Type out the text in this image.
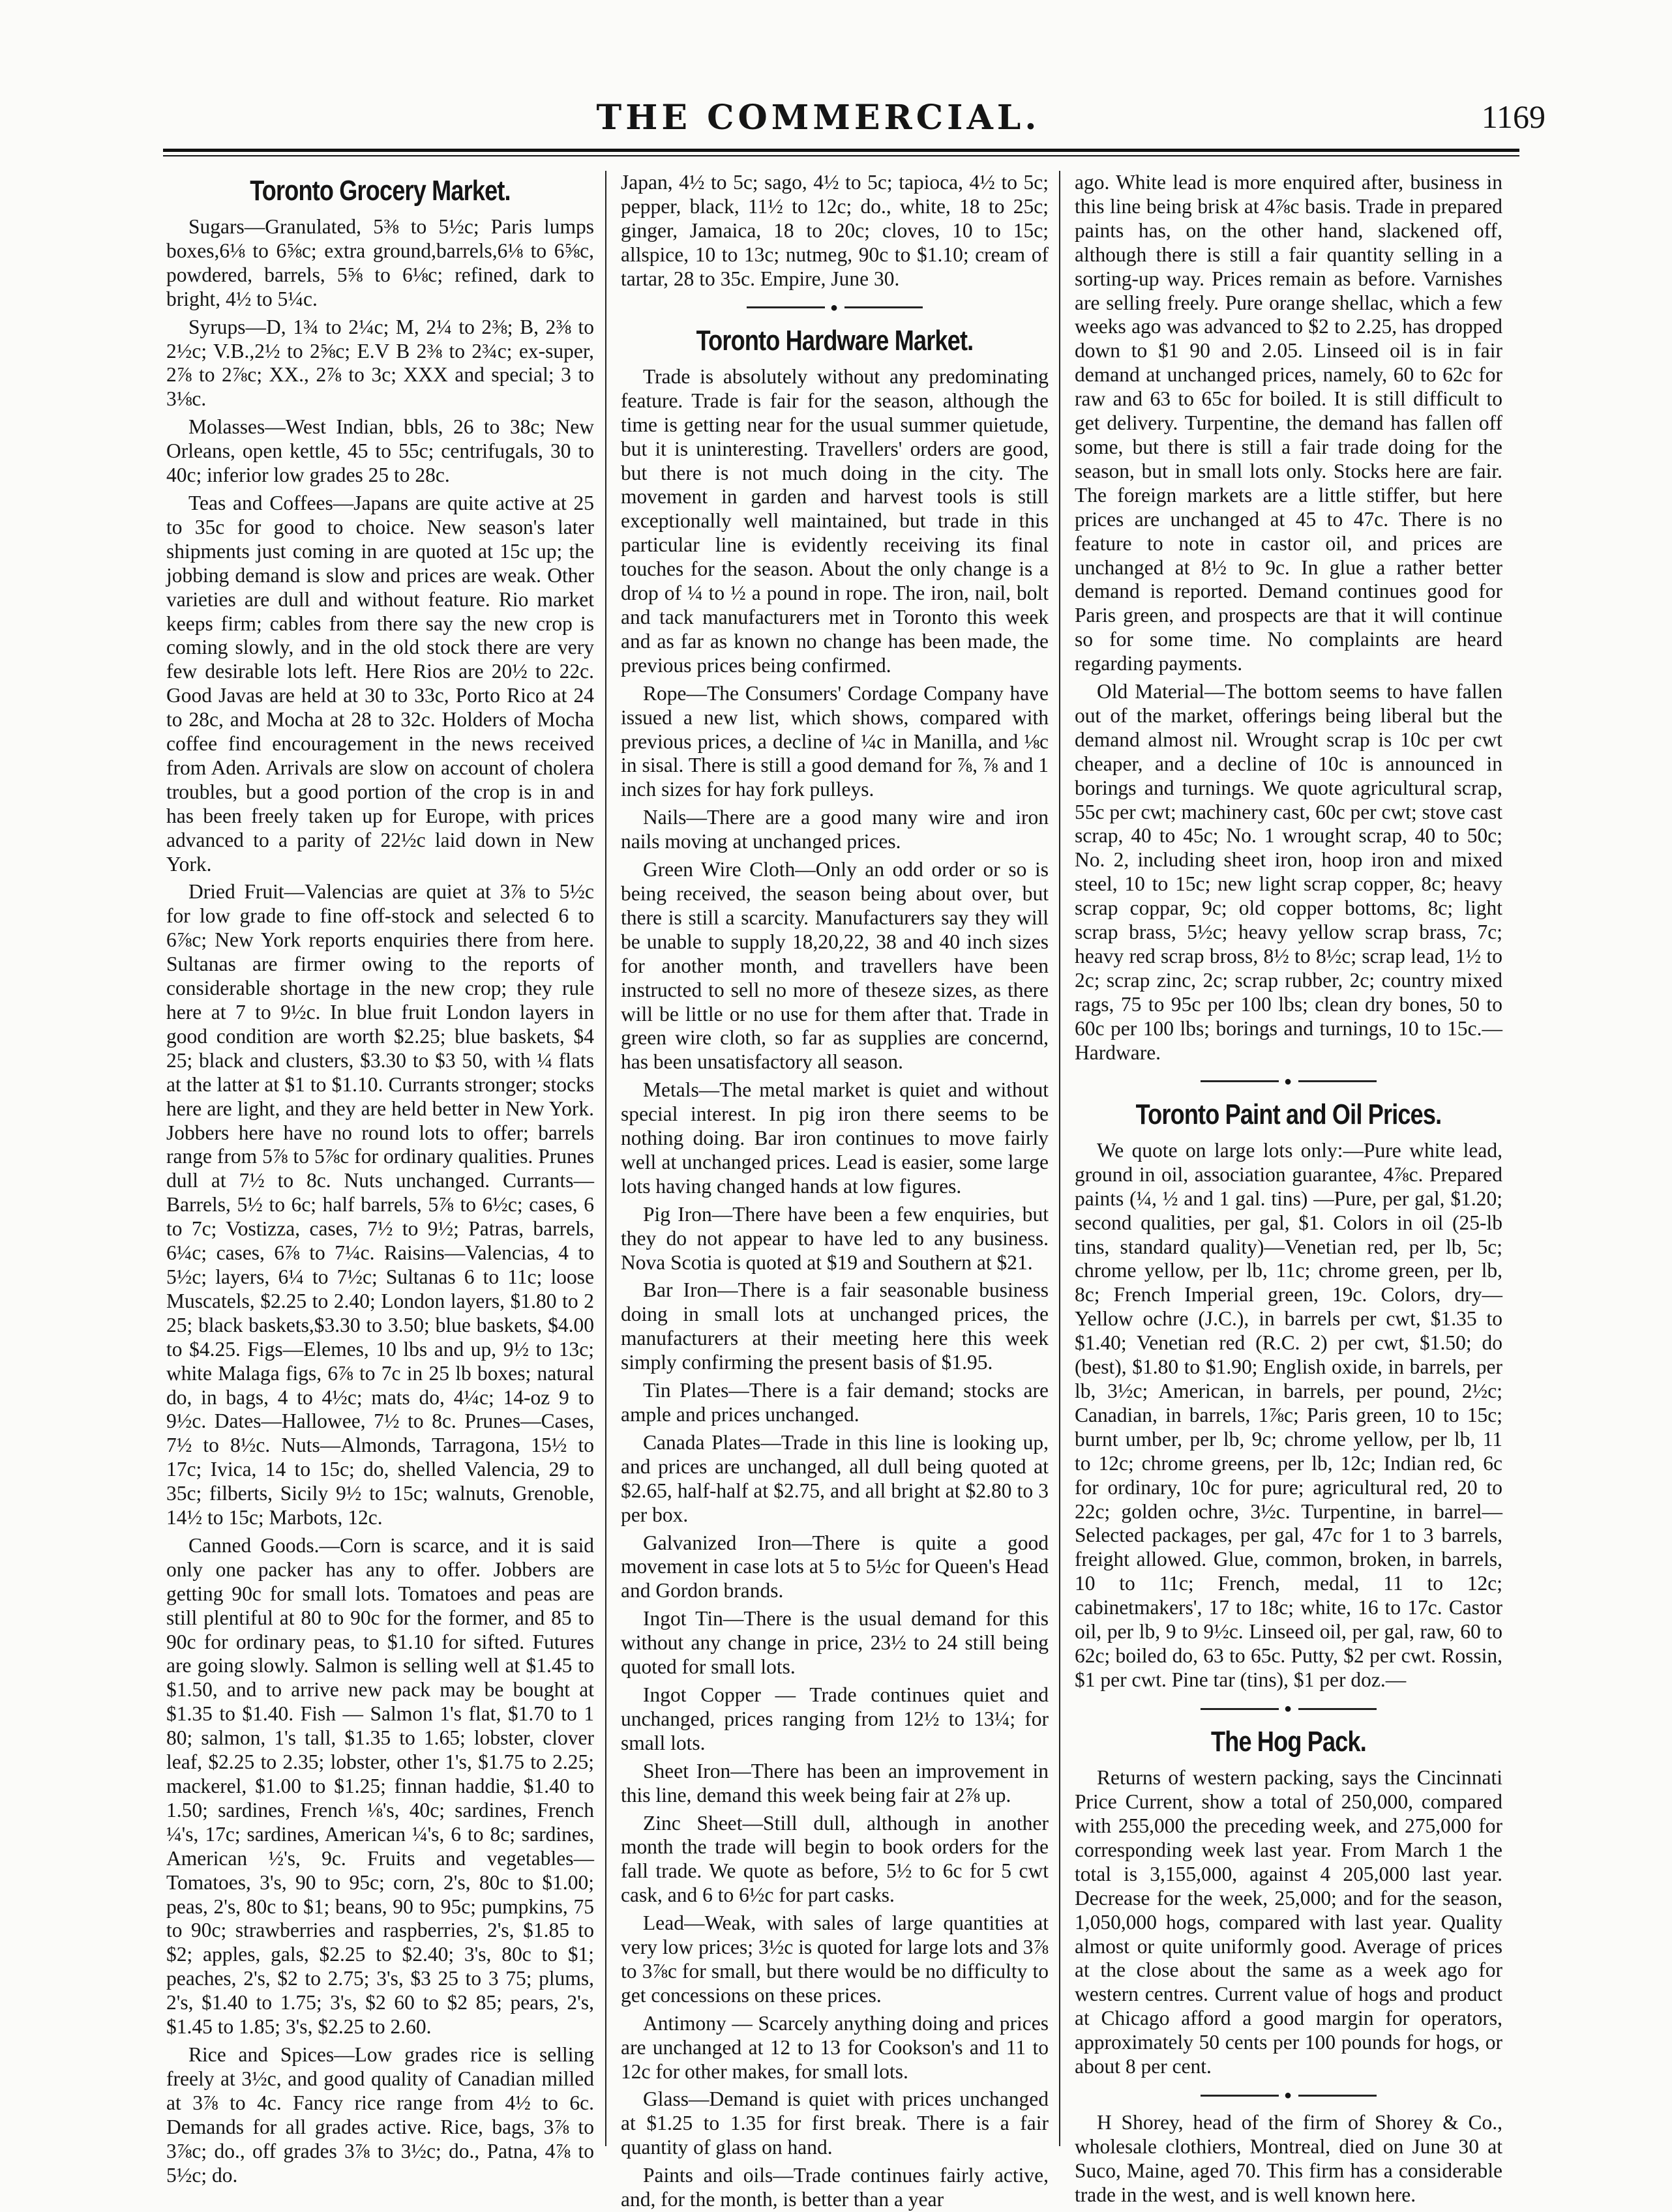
THE COMMERCIAL.	1169
Toronto Grocery Market.

Sugars—Granulated, 5⅜ to 5½c; Paris lumps boxes,6⅛ to 6⅝c; extra ground,barrels,6⅛ to 6⅝c, powdered, barrels, 5⅝ to 6⅛c; refined, dark to bright, 4½ to 5¼c.

Syrups—D, 1¾ to 2¼c; M, 2¼ to 2⅜; B, 2⅜ to 2½c; V.B.,2½ to 2⅝c; E.V B 2⅜ to 2¾c; ex-super, 2⅞ to 2⅞c; XX., 2⅞ to 3c; XXX and special; 3 to 3⅛c.

Molasses—West Indian, bbls, 26 to 38c; New Orleans, open kettle, 45 to 55c; centrifugals, 30 to 40c; inferior low grades 25 to 28c.

Teas and Coffees—Japans are quite active at 25 to 35c for good to choice. New season's later shipments just coming in are quoted at 15c up; the jobbing demand is slow and prices are weak. Other varieties are dull and without feature. Rio market keeps firm; cables from there say the new crop is coming slowly, and in the old stock there are very few desirable lots left. Here Rios are 20½ to 22c. Good Javas are held at 30 to 33c, Porto Rico at 24 to 28c, and Mocha at 28 to 32c. Holders of Mocha coffee find encouragement in the news received from Aden. Arrivals are slow on account of cholera troubles, but a good portion of the crop is in and has been freely taken up for Europe, with prices advanced to a parity of 22½c laid down in New York.

Dried Fruit—Valencias are quiet at 3⅞ to 5½c for low grade to fine off-stock and selected 6 to 6⅞c; New York reports enquiries there from here. Sultanas are firmer owing to the reports of considerable shortage in the new crop; they rule here at 7 to 9½c. In blue fruit London layers in good condition are worth $2.25; blue baskets, $4 25; black and clusters, $3.30 to $3 50, with ¼ flats at the latter at $1 to $1.10. Currants stronger; stocks here are light, and they are held better in New York. Jobbers here have no round lots to offer; barrels range from 5⅞ to 5⅞c for ordinary qualities. Prunes dull at 7½ to 8c. Nuts unchanged. Currants—Barrels, 5½ to 6c; half barrels, 5⅞ to 6½c; cases, 6 to 7c; Vostizza, cases, 7½ to 9½; Patras, barrels, 6¼c; cases, 6⅞ to 7¼c. Raisins—Valencias, 4 to 5½c; layers, 6¼ to 7½c; Sultanas 6 to 11c; loose Muscatels, $2.25 to 2.40; London layers, $1.80 to 2 25; black baskets,$3.30 to 3.50; blue baskets, $4.00 to $4.25. Figs—Elemes, 10 lbs and up, 9½ to 13c; white Malaga figs, 6⅞ to 7c in 25 lb boxes; natural do, in bags, 4 to 4½c; mats do, 4¼c; 14-oz 9 to 9½c. Dates—Hallowee, 7½ to 8c. Prunes—Cases, 7½ to 8½c. Nuts—Almonds, Tarragona, 15½ to 17c; Ivica, 14 to 15c; do, shelled Valencia, 29 to 35c; filberts, Sicily 9½ to 15c; walnuts, Grenoble, 14½ to 15c; Marbots, 12c.

Canned Goods.—Corn is scarce, and it is said only one packer has any to offer. Jobbers are getting 90c for small lots. Tomatoes and peas are still plentiful at 80 to 90c for the former, and 85 to 90c for ordinary peas, to $1.10 for sifted. Futures are going slowly. Salmon is selling well at $1.45 to $1.50, and to arrive new pack may be bought at $1.35 to $1.40. Fish — Salmon 1's flat, $1.70 to 1 80; salmon, 1's tall, $1.35 to 1.65; lobster, clover leaf, $2.25 to 2.35; lobster, other 1's, $1.75 to 2.25; mackerel, $1.00 to $1.25; finnan haddie, $1.40 to 1.50; sardines, French ⅛'s, 40c; sardines, French ¼'s, 17c; sardines, American ¼'s, 6 to 8c; sardines, American ½'s, 9c. Fruits and vegetables—Tomatoes, 3's, 90 to 95c; corn, 2's, 80c to $1.00; peas, 2's, 80c to $1; beans, 90 to 95c; pumpkins, 75 to 90c; strawberries and raspberries, 2's, $1.85 to $2; apples, gals, $2.25 to $2.40; 3's, 80c to $1; peaches, 2's, $2 to 2.75; 3's, $3 25 to 3 75; plums, 2's, $1.40 to 1.75; 3's, $2 60 to $2 85; pears, 2's, $1.45 to 1.85; 3's, $2.25 to 2.60.

Rice and Spices—Low grades rice is selling freely at 3½c, and good quality of Canadian milled at 3⅞ to 4c. Fancy rice range from 4½ to 6c. Demands for all grades active. Rice, bags, 3⅞ to 3⅞c; do., off grades 3⅞ to 3½c; do., Patna, 4⅞ to 5½c; do.

Japan, 4½ to 5c; sago, 4½ to 5c; tapioca, 4½ to 5c; pepper, black, 11½ to 12c; do., white, 18 to 25c; ginger, Jamaica, 18 to 20c; cloves, 10 to 15c; allspice, 10 to 13c; nutmeg, 90c to $1.10; cream of tartar, 28 to 35c. Empire, June 30.

●
Toronto Hardware Market.

Trade is absolutely without any predominating feature. Trade is fair for the season, although the time is getting near for the usual summer quietude, but it is uninteresting. Travellers' orders are good, but there is not much doing in the city. The movement in garden and harvest tools is still exceptionally well maintained, but trade in this particular line is evidently receiving its final touches for the season. About the only change is a drop of ¼ to ½ a pound in rope. The iron, nail, bolt and tack manufacturers met in Toronto this week and as far as known no change has been made, the previous prices being confirmed.

Rope—The Consumers' Cordage Company have issued a new list, which shows, compared with previous prices, a decline of ¼c in Manilla, and ⅛c in sisal. There is still a good demand for ⅞, ⅞ and 1 inch sizes for hay fork pulleys.

Nails—There are a good many wire and iron nails moving at unchanged prices.

Green Wire Cloth—Only an odd order or so is being received, the season being about over, but there is still a scarcity. Manufacturers say they will be unable to supply 18,20,22, 38 and 40 inch sizes for another month, and travellers have been instructed to sell no more of theseze sizes, as there will be little or no use for them after that. Trade in green wire cloth, so far as supplies are concernd, has been unsatisfactory all season.

Metals—The metal market is quiet and without special interest. In pig iron there seems to be nothing doing. Bar iron continues to move fairly well at unchanged prices. Lead is easier, some large lots having changed hands at low figures.

Pig Iron—There have been a few enquiries, but they do not appear to have led to any business. Nova Scotia is quoted at $19 and Southern at $21.

Bar Iron—There is a fair seasonable business doing in small lots at unchanged prices, the manufacturers at their meeting here this week simply confirming the present basis of $1.95.

Tin Plates—There is a fair demand; stocks are ample and prices unchanged.

Canada Plates—Trade in this line is looking up, and prices are unchanged, all dull being quoted at $2.65, half-half at $2.75, and all bright at $2.80 to 3 per box.

Galvanized Iron—There is quite a good movement in case lots at 5 to 5½c for Queen's Head and Gordon brands.

Ingot Tin—There is the usual demand for this without any change in price, 23½ to 24 still being quoted for small lots.

Ingot Copper — Trade continues quiet and unchanged, prices ranging from 12½ to 13¼; for small lots.

Sheet Iron—There has been an improvement in this line, demand this week being fair at 2⅞ up.

Zinc Sheet—Still dull, although in another month the trade will begin to book orders for the fall trade. We quote as before, 5½ to 6c for 5 cwt cask, and 6 to 6½c for part casks.

Lead—Weak, with sales of large quantities at very low prices; 3½c is quoted for large lots and 3⅞ to 3⅞c for small, but there would be no difficulty to get concessions on these prices.

Antimony — Scarcely anything doing and prices are unchanged at 12 to 13 for Cookson's and 11 to 12c for other makes, for small lots.

Glass—Demand is quiet with prices unchanged at $1.25 to 1.35 for first break. There is a fair quantity of glass on hand.

Paints and oils—Trade continues fairly active, and, for the month, is better than a year

ago. White lead is more enquired after, business in this line being brisk at 4⅞c basis. Trade in prepared paints has, on the other hand, slackened off, although there is still a fair quantity selling in a sorting-up way. Prices remain as before. Varnishes are selling freely. Pure orange shellac, which a few weeks ago was advanced to $2 to 2.25, has dropped down to $1 90 and 2.05. Linseed oil is in fair demand at unchanged prices, namely, 60 to 62c for raw and 63 to 65c for boiled. It is still difficult to get delivery. Turpentine, the demand has fallen off some, but there is still a fair trade doing for the season, but in small lots only. Stocks here are fair. The foreign markets are a little stiffer, but here prices are unchanged at 45 to 47c. There is no feature to note in castor oil, and prices are unchanged at 8½ to 9c. In glue a rather better demand is reported. Demand continues good for Paris green, and prospects are that it will continue so for some time. No complaints are heard regarding payments.

Old Material—The bottom seems to have fallen out of the market, offerings being liberal but the demand almost nil. Wrought scrap is 10c per cwt cheaper, and a decline of 10c is announced in borings and turnings. We quote agricultural scrap, 55c per cwt; machinery cast, 60c per cwt; stove cast scrap, 40 to 45c; No. 1 wrought scrap, 40 to 50c; No. 2, including sheet iron, hoop iron and mixed steel, 10 to 15c; new light scrap copper, 8c; heavy scrap coppar, 9c; old copper bottoms, 8c; light scrap brass, 5½c; heavy yellow scrap brass, 7c; heavy red scrap bross, 8½ to 8½c; scrap lead, 1½ to 2c; scrap zinc, 2c; scrap rubber, 2c; country mixed rags, 75 to 95c per 100 lbs; clean dry bones, 50 to 60c per 100 lbs; borings and turnings, 10 to 15c.—Hardware.

●
Toronto Paint and Oil Prices.

We quote on large lots only:—Pure white lead, ground in oil, association guarantee, 4⅞c. Prepared paints (¼, ½ and 1 gal. tins) —Pure, per gal, $1.20; second qualities, per gal, $1. Colors in oil (25-lb tins, standard quality)—Venetian red, per lb, 5c; chrome yellow, per lb, 11c; chrome green, per lb, 8c; French Imperial green, 19c. Colors, dry—Yellow ochre (J.C.), in barrels per cwt, $1.35 to $1.40; Venetian red (R.C. 2) per cwt, $1.50; do (best), $1.80 to $1.90; English oxide, in barrels, per lb, 3½c; American, in barrels, per pound, 2½c; Canadian, in barrels, 1⅞c; Paris green, 10 to 15c; burnt umber, per lb, 9c; chrome yellow, per lb, 11 to 12c; chrome greens, per lb, 12c; Indian red, 6c for ordinary, 10c for pure; agricultural red, 20 to 22c; golden ochre, 3½c. Turpentine, in barrel—Selected packages, per gal, 47c for 1 to 3 barrels, freight allowed. Glue, common, broken, in barrels, 10 to 11c; French, medal, 11 to 12c; cabinetmakers', 17 to 18c; white, 16 to 17c. Castor oil, per lb, 9 to 9½c. Linseed oil, per gal, raw, 60 to 62c; boiled do, 63 to 65c. Putty, $2 per cwt. Rossin, $1 per cwt. Pine tar (tins), $1 per doz.—

●
The Hog Pack.

Returns of western packing, says the Cincinnati Price Current, show a total of 250,000, compared with 255,000 the preceding week, and 275,000 for corresponding week last year. From March 1 the total is 3,155,000, against 4 205,000 last year. Decrease for the week, 25,000; and for the season, 1,050,000 hogs, compared with last year. Quality almost or quite uniformly good. Average of prices at the close about the same as a week ago for western centres. Current value of hogs and product at Chicago afford a good margin for operators, approximately 50 cents per 100 pounds for hogs, or about 8 per cent.

●

H Shorey, head of the firm of Shorey & Co., wholesale clothiers, Montreal, died on June 30 at Suco, Maine, aged 70. This firm has a considerable trade in the west, and is well known here.
